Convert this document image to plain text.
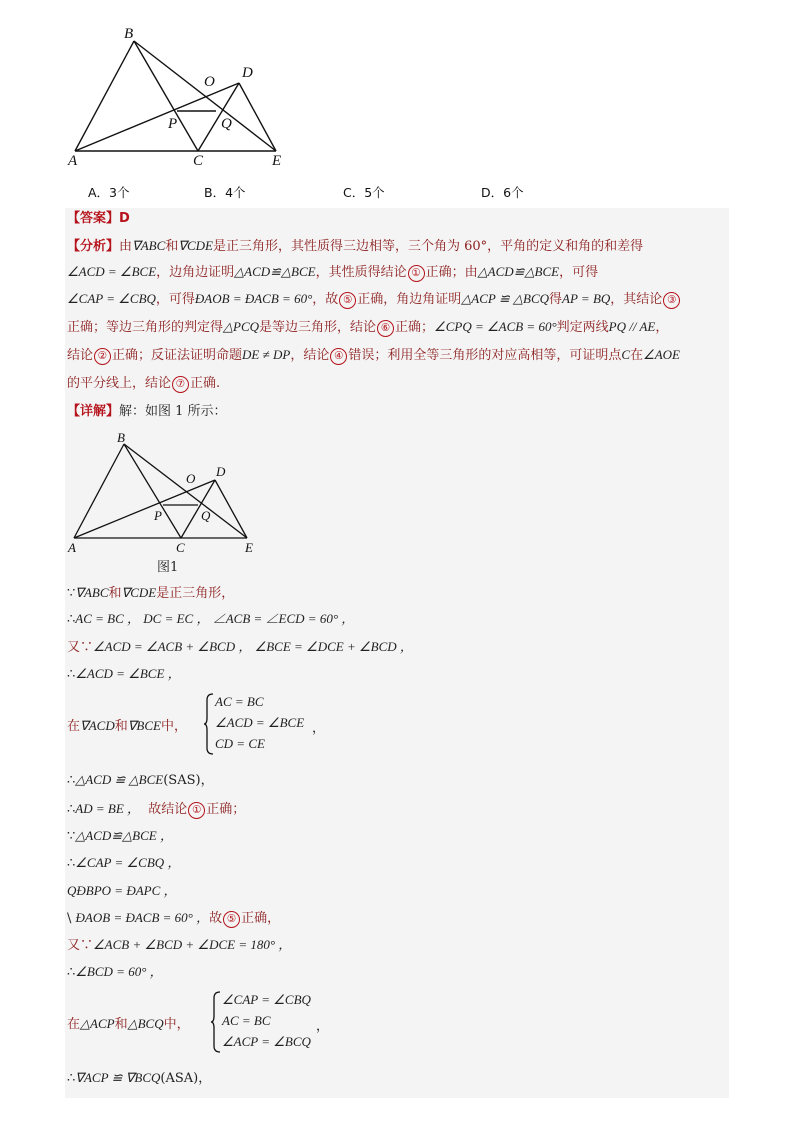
B
D
O
P	Q
A	C	E
A．3个	B．4个	C．5个	D．6个
【答案】D
【分析】由∇ABC和∇CDE是正三角形，其性质得三边相等，三个角为 60°，平角的定义和角的和差得
∠ACD = ∠BCE，边角边证明△ACD≌△BCE，其性质得结论 ① 正确；由△ACD≌△BCE，可得
∠CAP = ∠CBQ，可得ÐAOB = ÐACB = 60°，故 ⑤ 正确，角边角证明△ACP ≌ △BCQ得AP = BQ，其结论 ③
正确；等边三角形的判定得△PCQ是等边三角形，结论 ⑥ 正确；∠CPQ = ∠ACB = 60°判定两线PQ // AE，
结论 ② 正确；反证法证明命题DE ≠ DP，结论 ④ 错误；利用全等三角形的对应高相等，可证明点C在∠AOE
的平分线上，结论 ⑦ 正确.
【详解】解：如图 1 所示：
B
D
O
P	Q
A	C	E
图1
∵∇ABC和∇CDE是正三角形，
∴AC = BC ， DC = EC ， ∠ACB = ∠ECD = 60° ，
又∵∠ACD = ∠ACB + ∠BCD ， ∠BCE = ∠DCE + ∠BCD ，
∴∠ACD = ∠BCE ，
在∇ACD和∇BCE中，
AC = BC
∠ACD = ∠BCE
CD = CE
，
∴△ACD ≌ △BCE(SAS)，
∴AD = BE ， 故结论 ① 正确；
∵△ACD≌△BCE ，
∴∠CAP = ∠CBQ ，
QÐBPO = ÐAPC ，
\ ÐAOB = ÐACB = 60° ，故 ⑤ 正确，
又∵∠ACB + ∠BCD + ∠DCE = 180° ，
∴∠BCD = 60° ，
在△ACP和△BCQ中，
∠CAP = ∠CBQ
AC = BC
∠ACP = ∠BCQ
，
∴∇ACP ≌ ∇BCQ(ASA)，
